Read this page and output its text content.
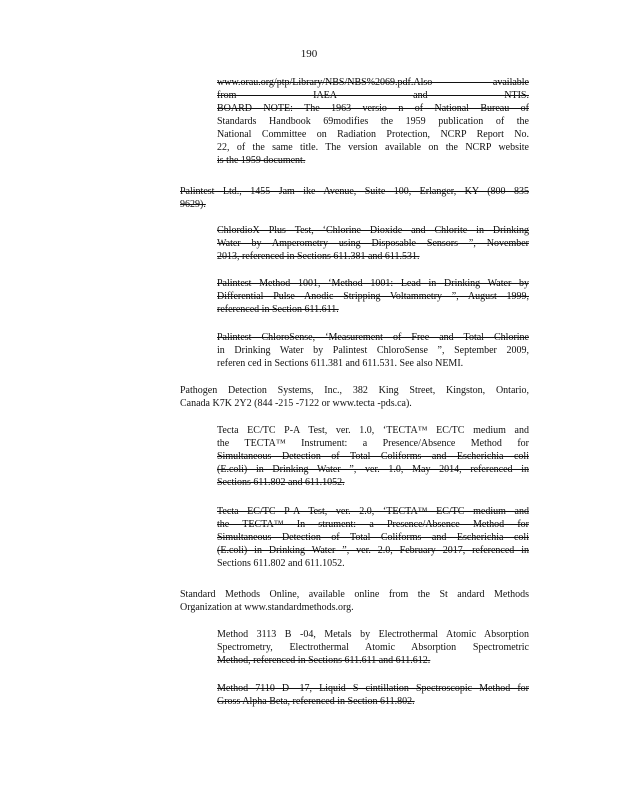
190
www.orau.org/ptp/Library/NBS/NBS%2069.pdf.Also available
from IAEA and NTIS.
BOARD NOTE: The 1963 versio n of National Bureau of
Standards Handbook 69modifies the 1959 publication of the
National Committee on Radiation Protection, NCRP Report No.
22, of the same title. The version available on the NCRP website
is the 1959 document.
Palintest Ltd., 1455 Jam ike Avenue, Suite 100, Erlanger, KY (800 835
9629).
ChlordioX Plus Test, ‘Chlorine Dioxide and Chlorite in Drinking
Water by Amperometry using Disposable Sensors ”, November
2013, referenced in Sections 611.381 and 611.531.
Palintest Method 1001, ‘Method 1001: Lead in Drinking Water by
Differential Pulse Anodic Stripping Voltammetry ”, August 1999,
referenced in Section 611.611.
Palintest ChloroSense, ‘Measurement of Free and Total Chlorine
in Drinking Water by Palintest ChloroSense ”, September 2009,
referen ced in Sections 611.381 and 611.531. See also NEMI.
Pathogen Detection Systems, Inc., 382 King Street, Kingston, Ontario,
Canada K7K 2Y2 (844 -215 -7122 or www.tecta -pds.ca).
Tecta EC/TC P-A Test, ver. 1.0, ‘TECTA™ EC/TC medium and
the TECTA™ Instrument: a Presence/Absence Method for
Simultaneous Detection of Total Coliforms and Escherichia coli
(E.coli) in Drinking Water ”, ver. 1.0, May 2014, referenced in
Sections 611.802 and 611.1052.
Tecta EC/TC P-A Test, ver. 2.0, ‘TECTA™ EC/TC medium and
the TECTA™ In strument: a Presence/Absence Method for
Simultaneous Detection of Total Coliforms and Escherichia coli
(E.coli) in Drinking Water ”, ver. 2.0, February 2017, referenced in
Sections 611.802 and 611.1052.
Standard Methods Online, available online from the St andard Methods
Organization at www.standardmethods.org.
Method 3113 B -04, Metals by Electrothermal Atomic Absorption
Spectrometry, Electrothermal Atomic Absorption Spectrometric
Method, referenced in Sections 611.611 and 611.612.
Method 7110 D -17, Liquid S cintillation Spectroscopic Method for
Gross Alpha Beta, referenced in Section 611.802.
